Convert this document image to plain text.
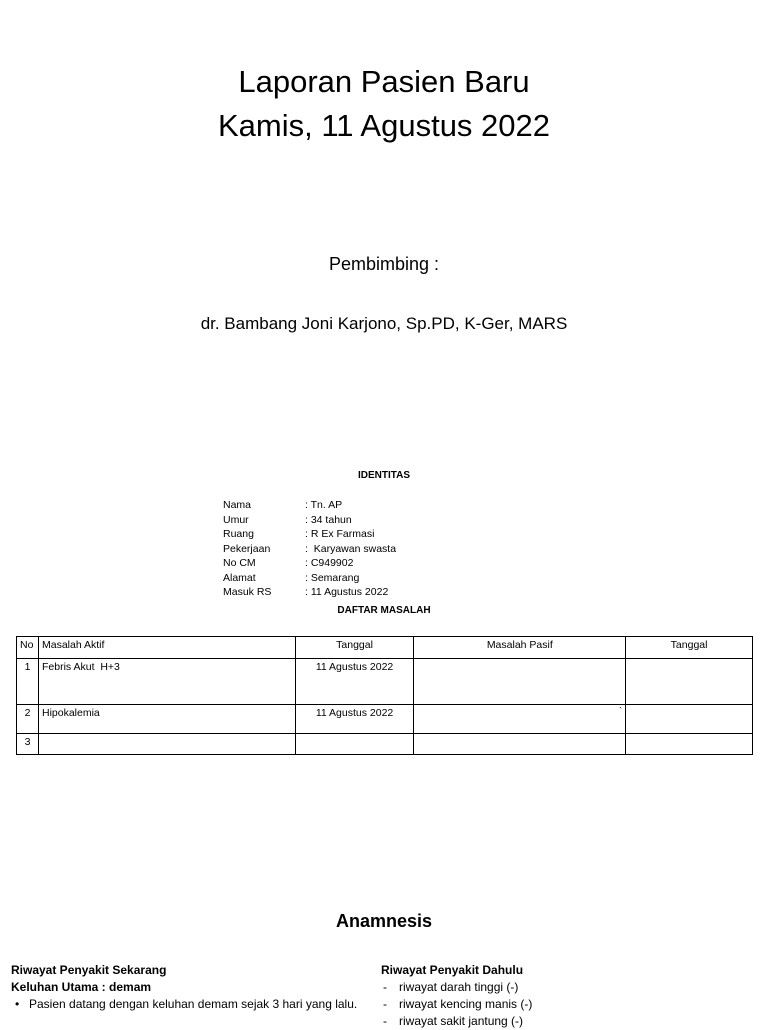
Laporan Pasien Baru
Kamis, 11 Agustus 2022
Pembimbing :
dr. Bambang Joni Karjono, Sp.PD, K-Ger, MARS
IDENTITAS
Nama	: Tn. AP
Umur	: 34 tahun
Ruang	: R Ex Farmasi
Pekerjaan	:  Karyawan swasta
No CM	: C949902
Alamat	: Semarang
Masuk RS	: 11 Agustus 2022
DAFTAR MASALAH
No	Masalah Aktif	Tanggal	Masalah Pasif	Tanggal
1	Febris Akut  H+3	11 Agustus 2022		
2	Hipokalemia	11 Agustus 2022	`	

3				
Anamnesis
Riwayat Penyakit Sekarang
Keluhan Utama : demam
• Pasien datang dengan keluhan demam sejak 3 hari yang lalu.
Riwayat Penyakit Dahulu
- riwayat darah tinggi (-)
- riwayat kencing manis (-)
- riwayat sakit jantung (-)
